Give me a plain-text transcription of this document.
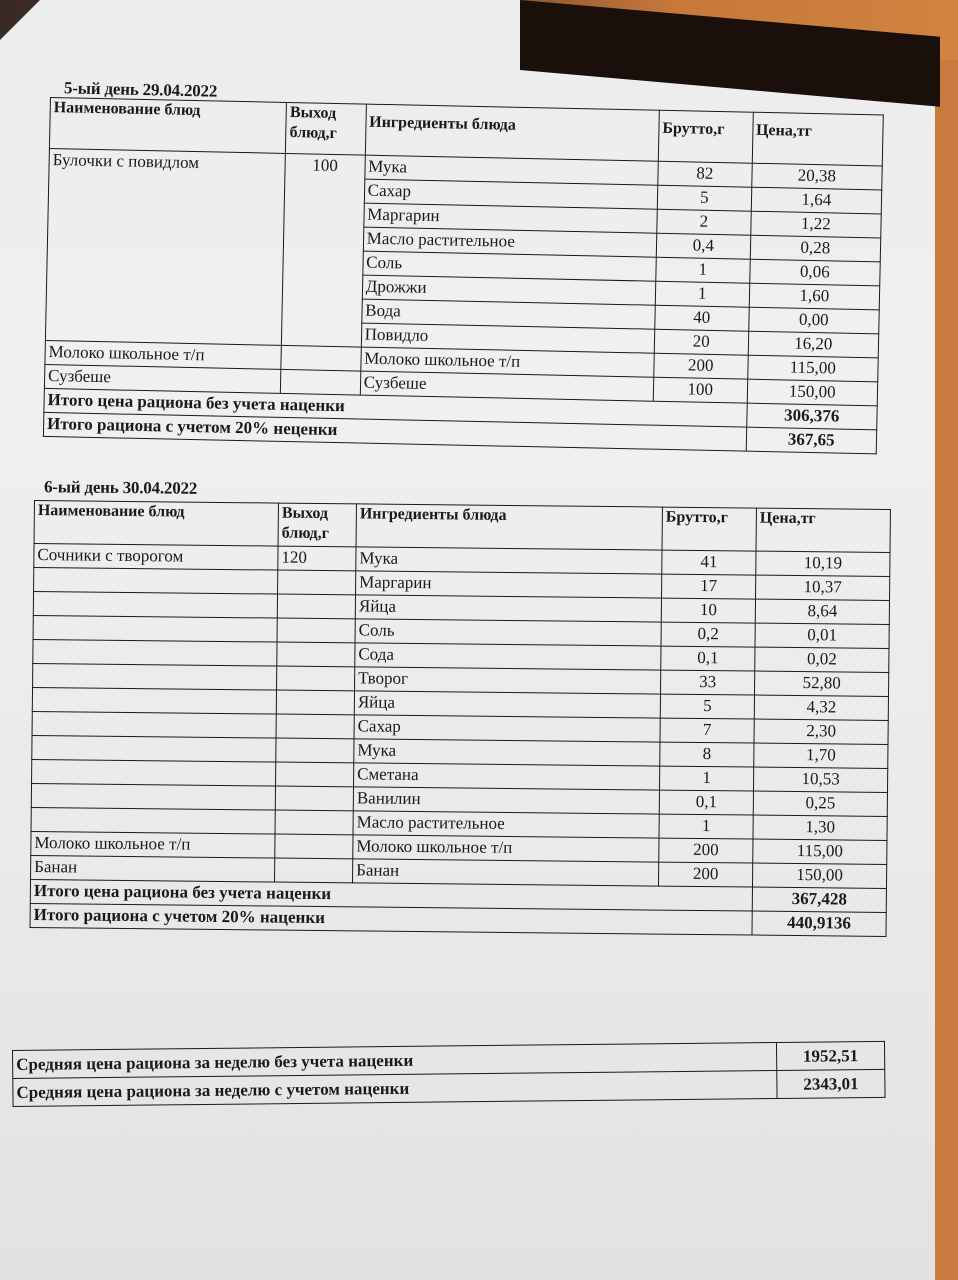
5-ый день 29.04.2022
Наименование блюд	Выход блюд,г	Ингредиенты блюда	Брутто,г	Цена,тг
Булочки с повидлом	100	Мука	82	20,38
		Сахар	5	1,64
		Маргарин	2	1,22
		Масло растительное	0,4	0,28
		Соль	1	0,06
		Дрожжи	1	1,60
		Вода	40	0,00
		Повидло	20	16,20
Молоко школьное т/п		Молоко школьное т/п	200	115,00
Сузбеше		Сузбеше	100	150,00
Итого цена рациона без учета наценки				306,376
Итого рациона с учетом 20% неценки				367,65
6-ый день 30.04.2022
Наименование блюд	Выход блюд,г	Ингредиенты блюда	Брутто,г	Цена,тг
Сочники с творогом	120	Мука	41	10,19
		Маргарин	17	10,37
		Яйца	10	8,64
		Соль	0,2	0,01
		Сода	0,1	0,02
		Творог	33	52,80
		Яйца	5	4,32
		Сахар	7	2,30
		Мука	8	1,70
		Сметана	1	10,53
		Ванилин	0,1	0,25
		Масло растительное	1	1,30
Молоко школьное т/п		Молоко школьное т/п	200	115,00
Банан		Банан	200	150,00
Итого цена рациона без учета наценки				367,428
Итого рациона с учетом 20% наценки				440,9136
Средняя цена рациона за неделю без учета наценки	1952,51
Средняя цена рациона за неделю с учетом наценки	2343,01
